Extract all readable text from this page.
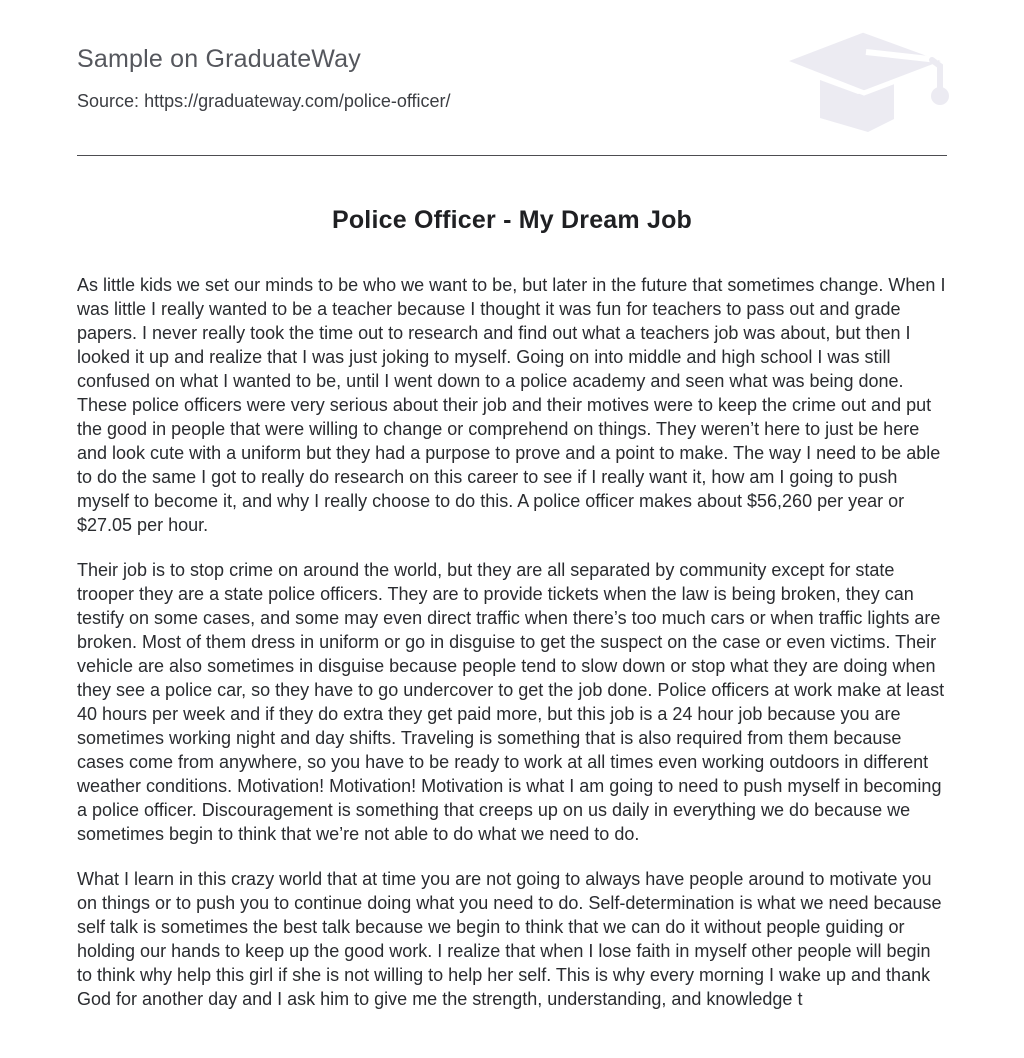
Sample on GraduateWay
Source: https://graduateway.com/police-officer/
Police Officer - My Dream Job

As little kids we set our minds to be who we want to be, but later in the future that sometimes change. When I was little I really wanted to be a teacher because I thought it was fun for teachers to pass out and grade papers. I never really took the time out to research and find out what a teachers job was about, but then I looked it up and realize that I was just joking to myself. Going on into middle and high school I was still confused on what I wanted to be, until I went down to a police academy and seen what was being done. These police officers were very serious about their job and their motives were to keep the crime out and put the good in people that were willing to change or comprehend on things. They weren’t here to just be here and look cute with a uniform but they had a purpose to prove and a point to make. The way I need to be able to do the same I got to really do research on this career to see if I really want it, how am I going to push myself to become it, and why I really choose to do this. A police officer makes about $56,260 per year or $27.05 per hour.

Their job is to stop crime on around the world, but they are all separated by community except for state trooper they are a state police officers. They are to provide tickets when the law is being broken, they can testify on some cases, and some may even direct traffic when there’s too much cars or when traffic lights are broken. Most of them dress in uniform or go in disguise to get the suspect on the case or even victims. Their vehicle are also sometimes in disguise because people tend to slow down or stop what they are doing when they see a police car, so they have to go undercover to get the job done. Police officers at work make at least 40 hours per week and if they do extra they get paid more, but this job is a 24 hour job because you are sometimes working night and day shifts. Traveling is something that is also required from them because cases come from anywhere, so you have to be ready to work at all times even working outdoors in different weather conditions. Motivation! Motivation! Motivation is what I am going to need to push myself in becoming a police officer. Discouragement is something that creeps up on us daily in everything we do because we sometimes begin to think that we’re not able to do what we need to do.

What I learn in this crazy world that at time you are not going to always have people around to motivate you on things or to push you to continue doing what you need to do. Self-determination is what we need because self talk is sometimes the best talk because we begin to think that we can do it without people guiding or holding our hands to keep up the good work. I realize that when I lose faith in myself other people will begin to think why help this girl if she is not willing to help her self. This is why every morning I wake up and thank God for another day and I ask him to give me the strength, understanding, and knowledge t
